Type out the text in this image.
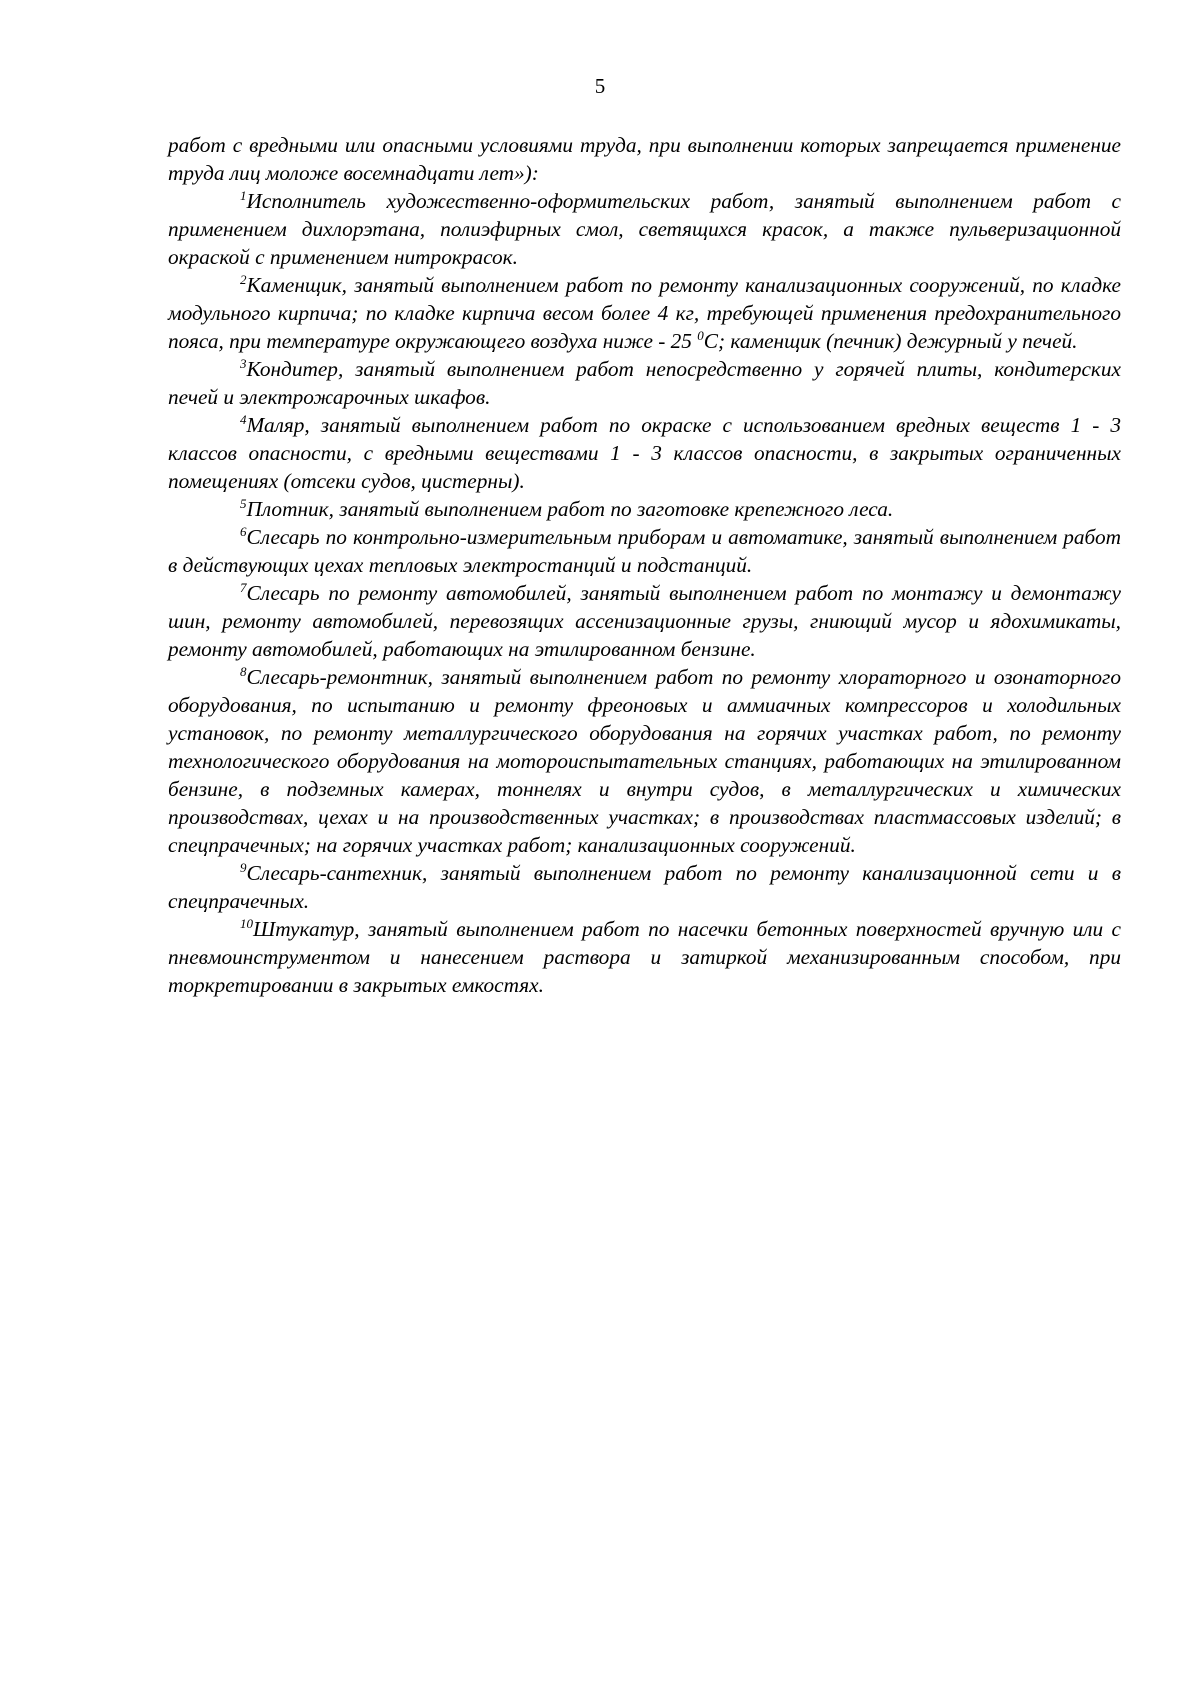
5

работ с вредными или опасными условиями труда, при выполнении которых запрещается применение труда лиц моложе восемнадцати лет»):

$^1$Исполнитель художественно-оформительских работ, занятый выполнением работ с применением дихлорэтана, полиэфирных смол, светящихся красок, а также пульверизационной окраской с применением нитрокрасок.

$^2$Каменщик, занятый выполнением работ по ремонту канализационных сооружений, по кладке модульного кирпича; по кладке кирпича весом более 4 кг, требующей применения предохранительного пояса, при температуре окружающего воздуха ниже - 25 $^0$С; каменщик (печник) дежурный у печей.

$^3$Кондитер, занятый выполнением работ непосредственно у горячей плиты, кондитерских печей и электрожарочных шкафов.

$^4$Маляр, занятый выполнением работ по окраске с использованием вредных веществ 1 - 3 классов опасности, с вредными веществами 1 - 3 классов опасности, в закрытых ограниченных помещениях (отсеки судов, цистерны).

$^5$Плотник, занятый выполнением работ по заготовке крепежного леса.

$^6$Слесарь по контрольно-измерительным приборам и автоматике, занятый выполнением работ в действующих цехах тепловых электростанций и подстанций.

$^7$Слесарь по ремонту автомобилей, занятый выполнением работ по монтажу и демонтажу шин, ремонту автомобилей, перевозящих ассенизационные грузы, гниющий мусор и ядохимикаты, ремонту автомобилей, работающих на этилированном бензине.

$^8$Слесарь-ремонтник, занятый выполнением работ по ремонту хлораторного и озонаторного оборудования, по испытанию и ремонту фреоновых и аммиачных компрессоров и холодильных установок, по ремонту металлургического оборудования на горячих участках работ, по ремонту технологического оборудования на мотороиспытательных станциях, работающих на этилированном бензине, в подземных камерах, тоннелях и внутри судов, в металлургических и химических производствах, цехах и на производственных участках; в производствах пластмассовых изделий; в спецпрачечных; на горячих участках работ; канализационных сооружений.

$^9$Слесарь-сантехник, занятый выполнением работ по ремонту канализационной сети и в спецпрачечных.

$^{10}$Штукатур, занятый выполнением работ по насечки бетонных поверхностей вручную или с пневмоинструментом и нанесением раствора и затиркой механизированным способом, при торкретировании в закрытых емкостях.
